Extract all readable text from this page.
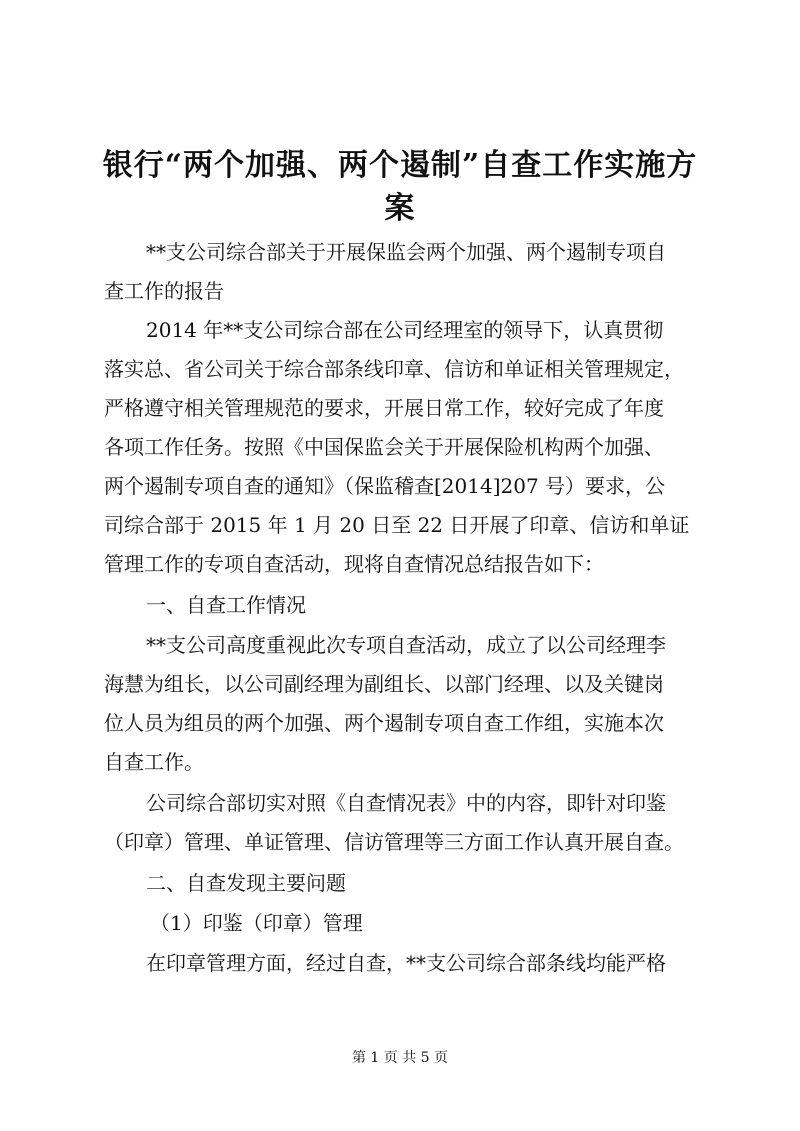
银行“两个加强、两个遏制”自查工作实施方
案
**支公司综合部关于开展保监会两个加强、两个遏制专项自
查工作的报告
2014 年**支公司综合部在公司经理室的领导下，认真贯彻
落实总、省公司关于综合部条线印章、信访和单证相关管理规定，
严格遵守相关管理规范的要求，开展日常工作，较好完成了年度
各项工作任务。按照《中国保监会关于开展保险机构两个加强、
两个遏制专项自查的通知》（保监稽查[2014]207 号）要求，公
司综合部于 2015 年 1 月 20 日至 22 日开展了印章、信访和单证
管理工作的专项自查活动，现将自查情况总结报告如下：
一、自查工作情况
**支公司高度重视此次专项自查活动，成立了以公司经理李
海慧为组长，以公司副经理为副组长、以部门经理、以及关键岗
位人员为组员的两个加强、两个遏制专项自查工作组，实施本次
自查工作。
公司综合部切实对照《自查情况表》中的内容，即针对印鉴
（印章）管理、单证管理、信访管理等三方面工作认真开展自查。
二、自查发现主要问题
（1）印鉴（印章）管理
在印章管理方面，经过自查，**支公司综合部条线均能严格
第 1 页 共 5 页
